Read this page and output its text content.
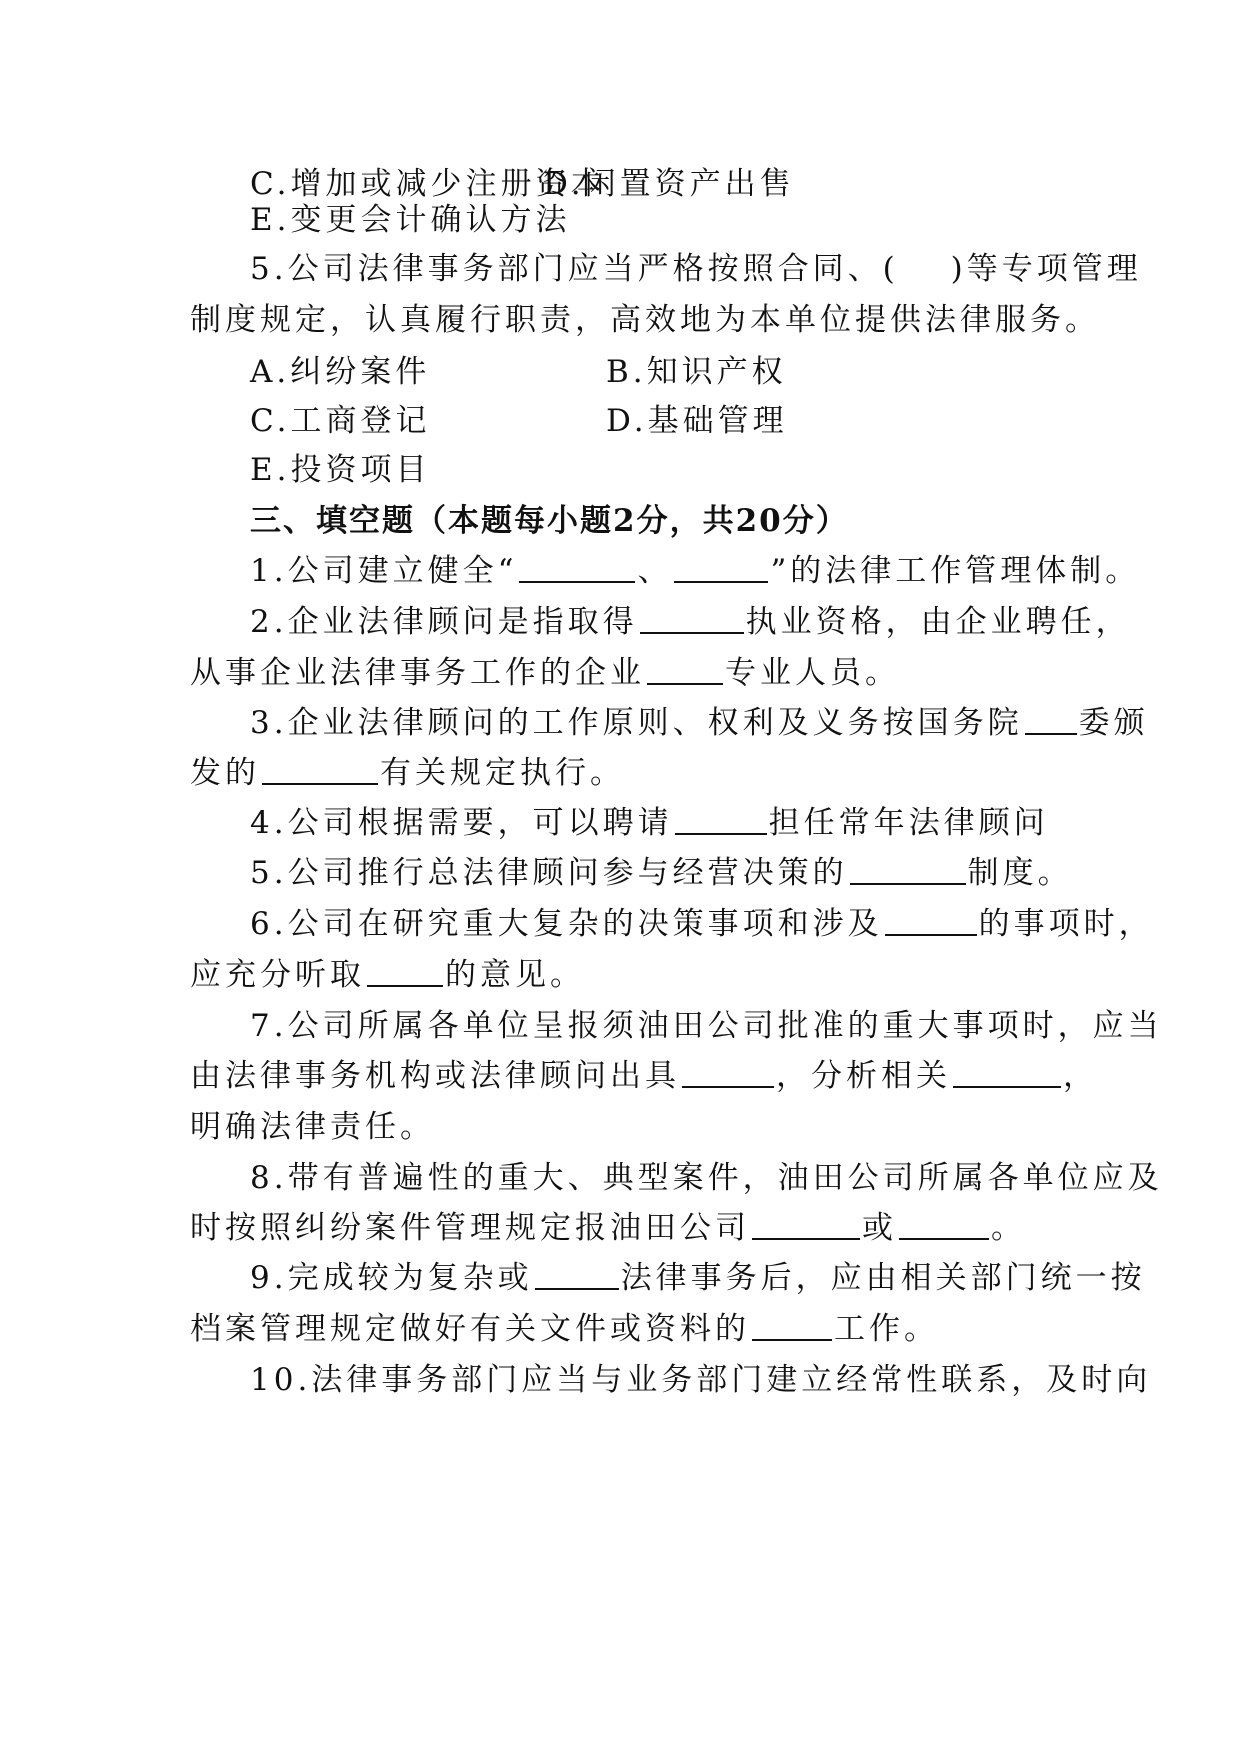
C.增加或减少注册资本
D.闲置资产出售
E.变更会计确认方法
5.公司法律事务部门应当严格按照合同、( )等专项管理
制度规定，认真履行职责，高效地为本单位提供法律服务。
A.纠纷案件	B.知识产权
C.工商登记	D.基础管理
E.投资项目
三、填空题（本题每小题2分，共20分）
1.公司建立健全“	、	”的法律工作管理体制。
2.企业法律顾问是指取得	执业资格，由企业聘任，
从事企业法律事务工作的企业	专业人员。
3.企业法律顾问的工作原则、权利及义务按国务院 委颁
发的	有关规定执行。
4.公司根据需要，可以聘请	担任常年法律顾问
5.公司推行总法律顾问参与经营决策的	制度。
6.公司在研究重大复杂的决策事项和涉及	的事项时，
应充分听取	的意见。
7.公司所属各单位呈报须油田公司批准的重大事项时，应当
由法律事务机构或法律顾问出具	，分析相关	，
明确法律责任。
8.带有普遍性的重大、典型案件，油田公司所属各单位应及
时按照纠纷案件管理规定报油田公司	或	。
9.完成较为复杂或	法律事务后，应由相关部门统一按
档案管理规定做好有关文件或资料的	工作。
10.法律事务部门应当与业务部门建立经常性联系，及时向
